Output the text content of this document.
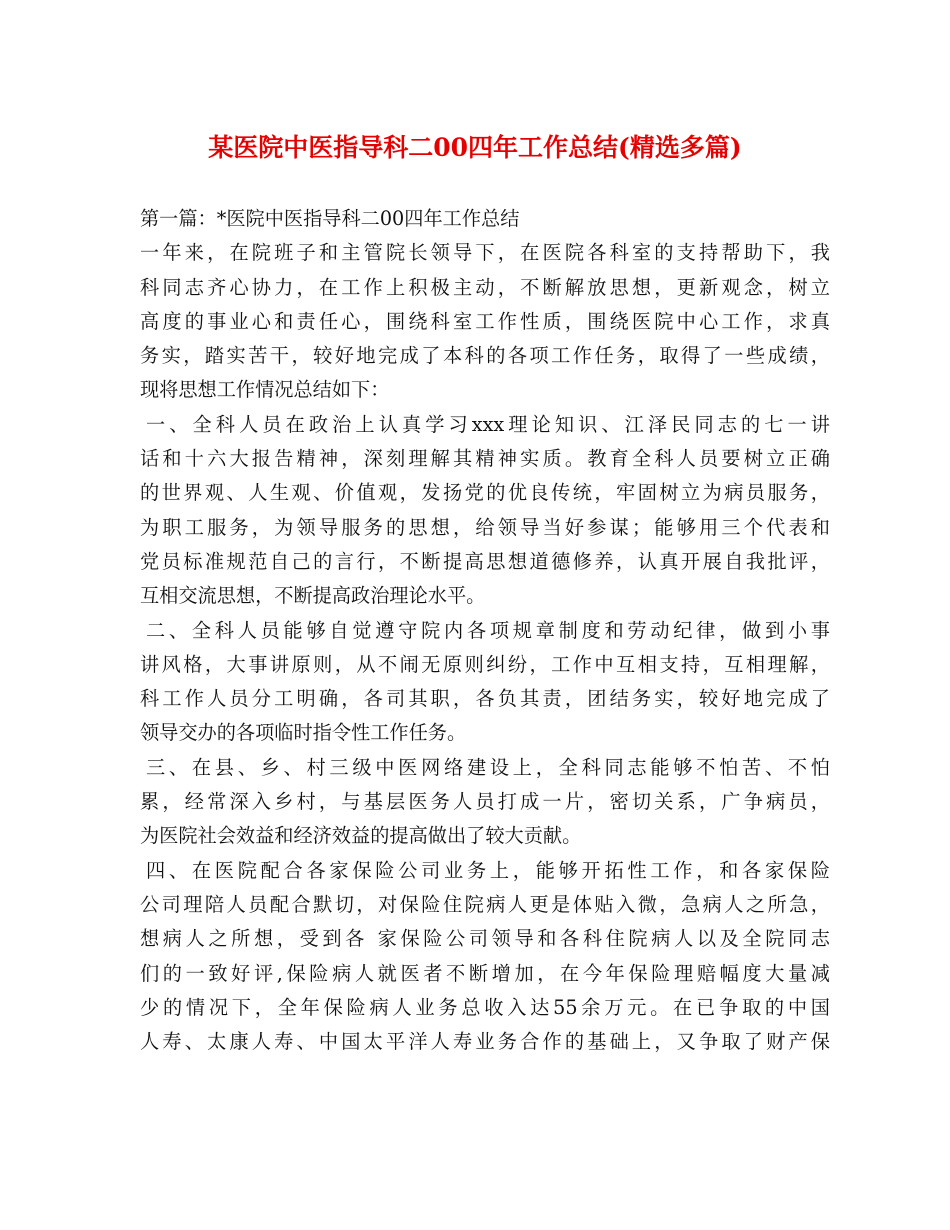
某医院中医指导科二00四年工作总结(精选多篇)
第一篇：*医院中医指导科二00四年工作总结
一年来，在院班子和主管院长领导下，在医院各科室的支持帮助下，我
科同志齐心协力，在工作上积极主动，不断解放思想，更新观念，树立
高度的事业心和责任心，围绕科室工作性质，围绕医院中心工作，求真
务实，踏实苦干，较好地完成了本科的各项工作任务，取得了一些成绩，
现将思想工作情况总结如下：
一、全科人员在政治上认真学习xxx理论知识、江泽民同志的七一讲
话和十六大报告精神，深刻理解其精神实质。教育全科人员要树立正确
的世界观、人生观、价值观，发扬党的优良传统，牢固树立为病员服务，
为职工服务，为领导服务的思想，给领导当好参谋；能够用三个代表和
党员标准规范自己的言行，不断提高思想道德修养，认真开展自我批评，
互相交流思想，不断提高政治理论水平。
二、全科人员能够自觉遵守院内各项规章制度和劳动纪律，做到小事
讲风格，大事讲原则，从不闹无原则纠纷，工作中互相支持，互相理解，
科工作人员分工明确，各司其职，各负其责，团结务实，较好地完成了
领导交办的各项临时指令性工作任务。
三、在县、乡、村三级中医网络建设上，全科同志能够不怕苦、不怕
累，经常深入乡村，与基层医务人员打成一片，密切关系，广争病员，
为医院社会效益和经济效益的提高做出了较大贡献。
四、在医院配合各家保险公司业务上，能够开拓性工作，和各家保险
公司理陪人员配合默切，对保险住院病人更是体贴入微，急病人之所急，
想病人之所想，受到各 家保险公司领导和各科住院病人以及全院同志
们的一致好评,保险病人就医者不断增加，在今年保险理赔幅度大量减
少的情况下，全年保险病人业务总收入达55余万元。在已争取的中国
人寿、太康人寿、中国太平洋人寿业务合作的基础上，又争取了财产保
